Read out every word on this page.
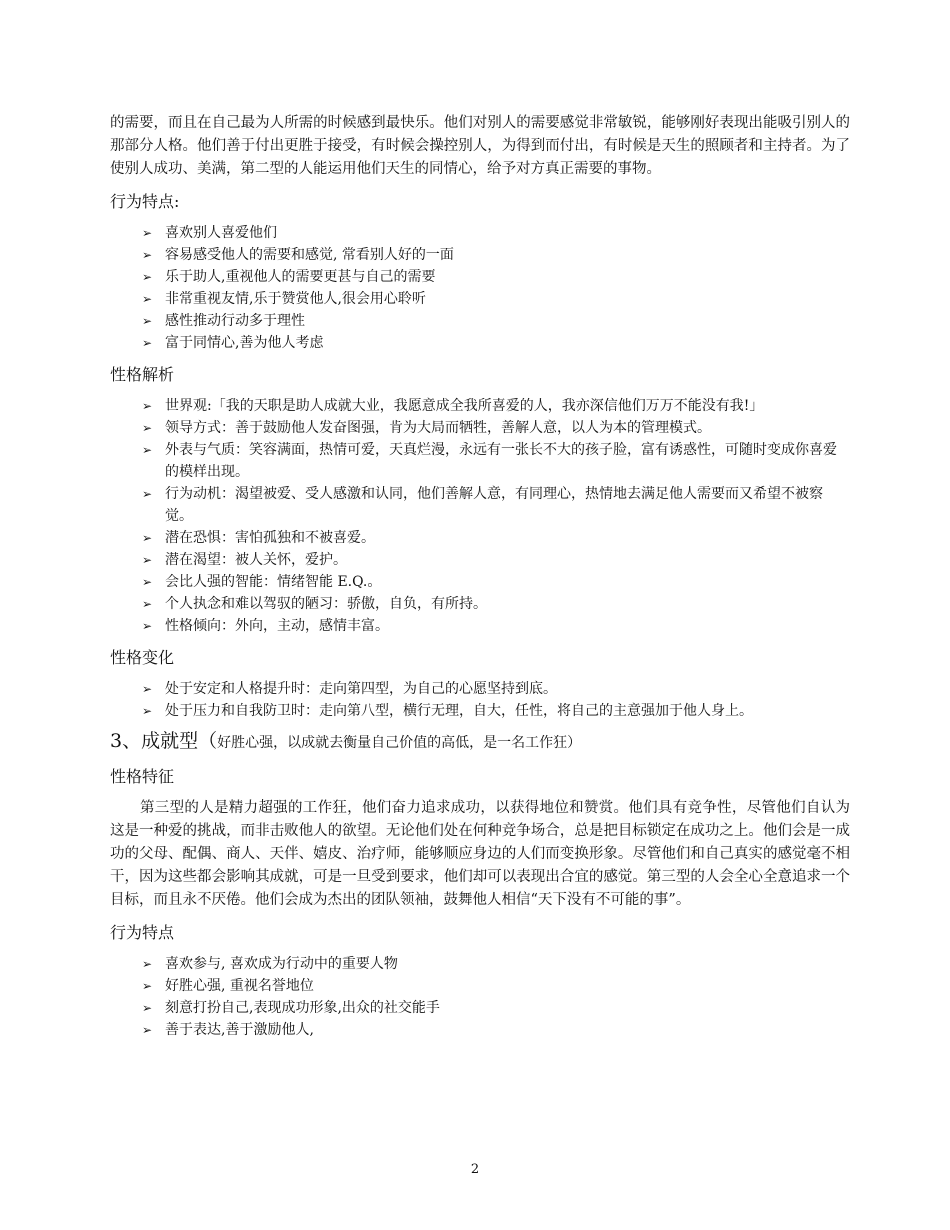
的需要，而且在自己最为人所需的时候感到最快乐。他们对别人的需要感觉非常敏锐，能够刚好表现出能吸引别人的那部分人格。他们善于付出更胜于接受，有时候会操控别人，为得到而付出，有时候是天生的照顾者和主持者。为了使别人成功、美满，第二型的人能运用他们天生的同情心，给予对方真正需要的事物。

行为特点:
➢ 喜欢别人喜爱他们
➢ 容易感受他人的需要和感觉, 常看别人好的一面
➢ 乐于助人,重视他人的需要更甚与自己的需要
➢ 非常重视友情,乐于赞赏他人,很会用心聆听
➢ 感性推动行动多于理性
➢ 富于同情心,善为他人考虑
性格解析
➢ 世界观:「我的天职是助人成就大业，我愿意成全我所喜爱的人，我亦深信他们万万不能没有我!」
➢ 领导方式：善于鼓励他人发奋图强，肯为大局而牺牲，善解人意，以人为本的管理模式。
➢ 外表与气质：笑容满面，热情可爱，天真烂漫，永远有一张长不大的孩子脸，富有诱惑性，可随时变成你喜爱的模样出现。
➢ 行为动机：渴望被爱、受人感激和认同，他们善解人意，有同理心，热情地去满足他人需要而又希望不被察觉。
➢ 潜在恐惧：害怕孤独和不被喜爱。
➢ 潜在渴望：被人关怀，爱护。
➢ 会比人强的智能：情绪智能 E.Q.。
➢ 个人执念和难以驾驭的陋习：骄傲，自负，有所持。
➢ 性格倾向：外向，主动，感情丰富。
性格变化
➢ 处于安定和人格提升时：走向第四型，为自己的心愿坚持到底。
➢ 处于压力和自我防卫时：走向第八型，横行无理，自大，任性，将自己的主意强加于他人身上。
3、成就型（好胜心强，以成就去衡量自己价值的高低，是一名工作狂）
性格特征

第三型的人是精力超强的工作狂，他们奋力追求成功，以获得地位和赞赏。他们具有竞争性，尽管他们自认为这是一种爱的挑战，而非击败他人的欲望。无论他们处在何种竞争场合，总是把目标锁定在成功之上。他们会是一成功的父母、配偶、商人、天伴、嬉皮、治疗师，能够顺应身边的人们而变换形象。尽管他们和自己真实的感觉毫不相干，因为这些都会影响其成就，可是一旦受到要求，他们却可以表现出合宜的感觉。第三型的人会全心全意追求一个目标，而且永不厌倦。他们会成为杰出的团队领袖，鼓舞他人相信“天下没有不可能的事”。

行为特点
➢ 喜欢参与, 喜欢成为行动中的重要人物
➢ 好胜心强, 重视名誉地位
➢ 刻意打扮自己,表现成功形象,出众的社交能手
➢ 善于表达,善于激励他人,
2
